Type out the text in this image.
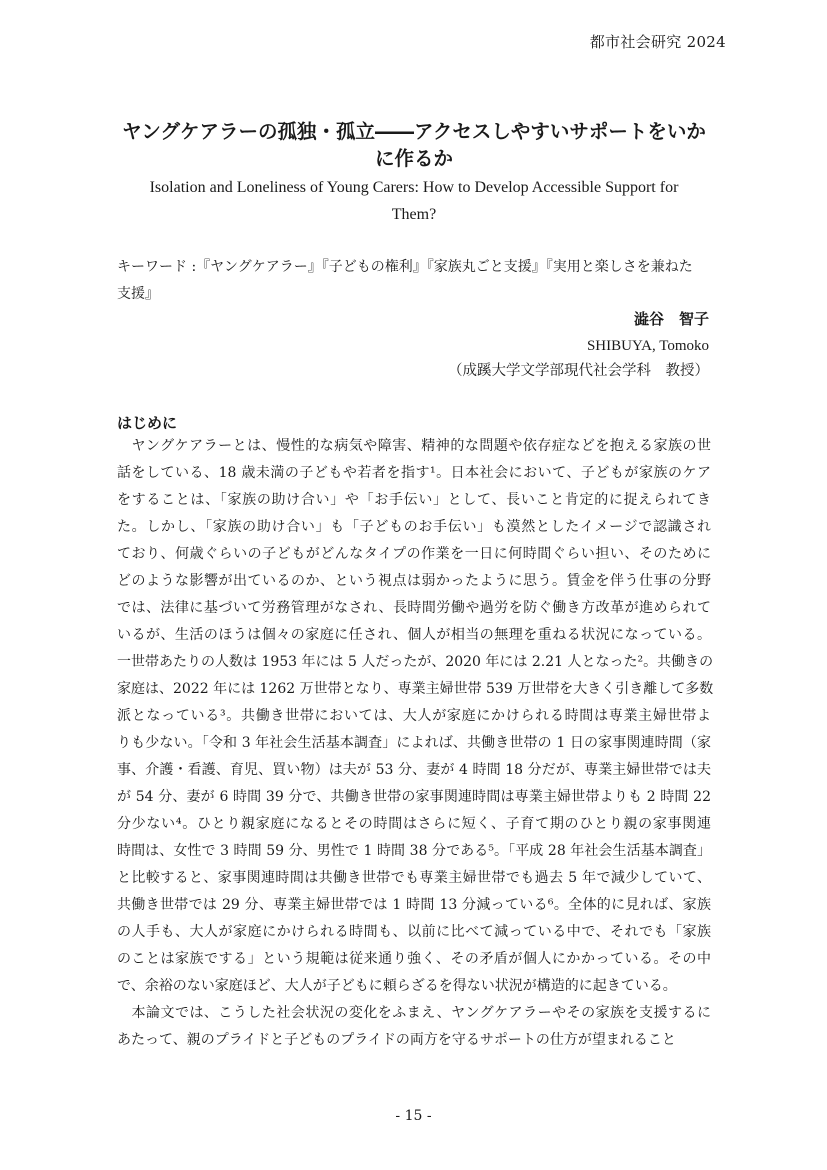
都市社会研究 2024
ヤングケアラーの孤独・孤立――アクセスしやすいサポートをいか
に作るか
Isolation and Loneliness of Young Carers: How to Develop Accessible Support for
Them?
キーワード :『ヤングケアラー』『子どもの権利』『家族丸ごと支援』『実用と楽しさを兼ねた
支援』
澁谷　智子
SHIBUYA, Tomoko
（成蹊大学文学部現代社会学科　教授）
はじめに
　ヤングケアラーとは、慢性的な病気や障害、精神的な問題や依存症などを抱える家族の世
話をしている、18 歳未満の子どもや若者を指す¹。日本社会において、子どもが家族のケア
をすることは、「家族の助け合い」や「お手伝い」として、長いこと肯定的に捉えられてき
た。しかし、「家族の助け合い」も「子どものお手伝い」も漠然としたイメージで認識され
ており、何歳ぐらいの子どもがどんなタイプの作業を一日に何時間ぐらい担い、そのために
どのような影響が出ているのか、という視点は弱かったように思う。賃金を伴う仕事の分野
では、法律に基づいて労務管理がなされ、長時間労働や過労を防ぐ働き方改革が進められて
いるが、生活のほうは個々の家庭に任され、個人が相当の無理を重ねる状況になっている。
一世帯あたりの人数は 1953 年には 5 人だったが、2020 年には 2.21 人となった²。共働きの
家庭は、2022 年には 1262 万世帯となり、専業主婦世帯 539 万世帯を大きく引き離して多数
派となっている³。共働き世帯においては、大人が家庭にかけられる時間は専業主婦世帯よ
りも少ない。「令和 3 年社会生活基本調査」によれば、共働き世帯の 1 日の家事関連時間（家
事、介護・看護、育児、買い物）は夫が 53 分、妻が 4 時間 18 分だが、専業主婦世帯では夫
が 54 分、妻が 6 時間 39 分で、共働き世帯の家事関連時間は専業主婦世帯よりも 2 時間 22
分少ない⁴。ひとり親家庭になるとその時間はさらに短く、子育て期のひとり親の家事関連
時間は、女性で 3 時間 59 分、男性で 1 時間 38 分である⁵。「平成 28 年社会生活基本調査」
と比較すると、家事関連時間は共働き世帯でも専業主婦世帯でも過去 5 年で減少していて、
共働き世帯では 29 分、専業主婦世帯では 1 時間 13 分減っている⁶。全体的に見れば、家族
の人手も、大人が家庭にかけられる時間も、以前に比べて減っている中で、それでも「家族
のことは家族でする」という規範は従来通り強く、その矛盾が個人にかかっている。その中
で、余裕のない家庭ほど、大人が子どもに頼らざるを得ない状況が構造的に起きている。
　本論文では、こうした社会状況の変化をふまえ、ヤングケアラーやその家族を支援するに
あたって、親のプライドと子どものプライドの両方を守るサポートの仕方が望まれること
‐ 15 ‐
